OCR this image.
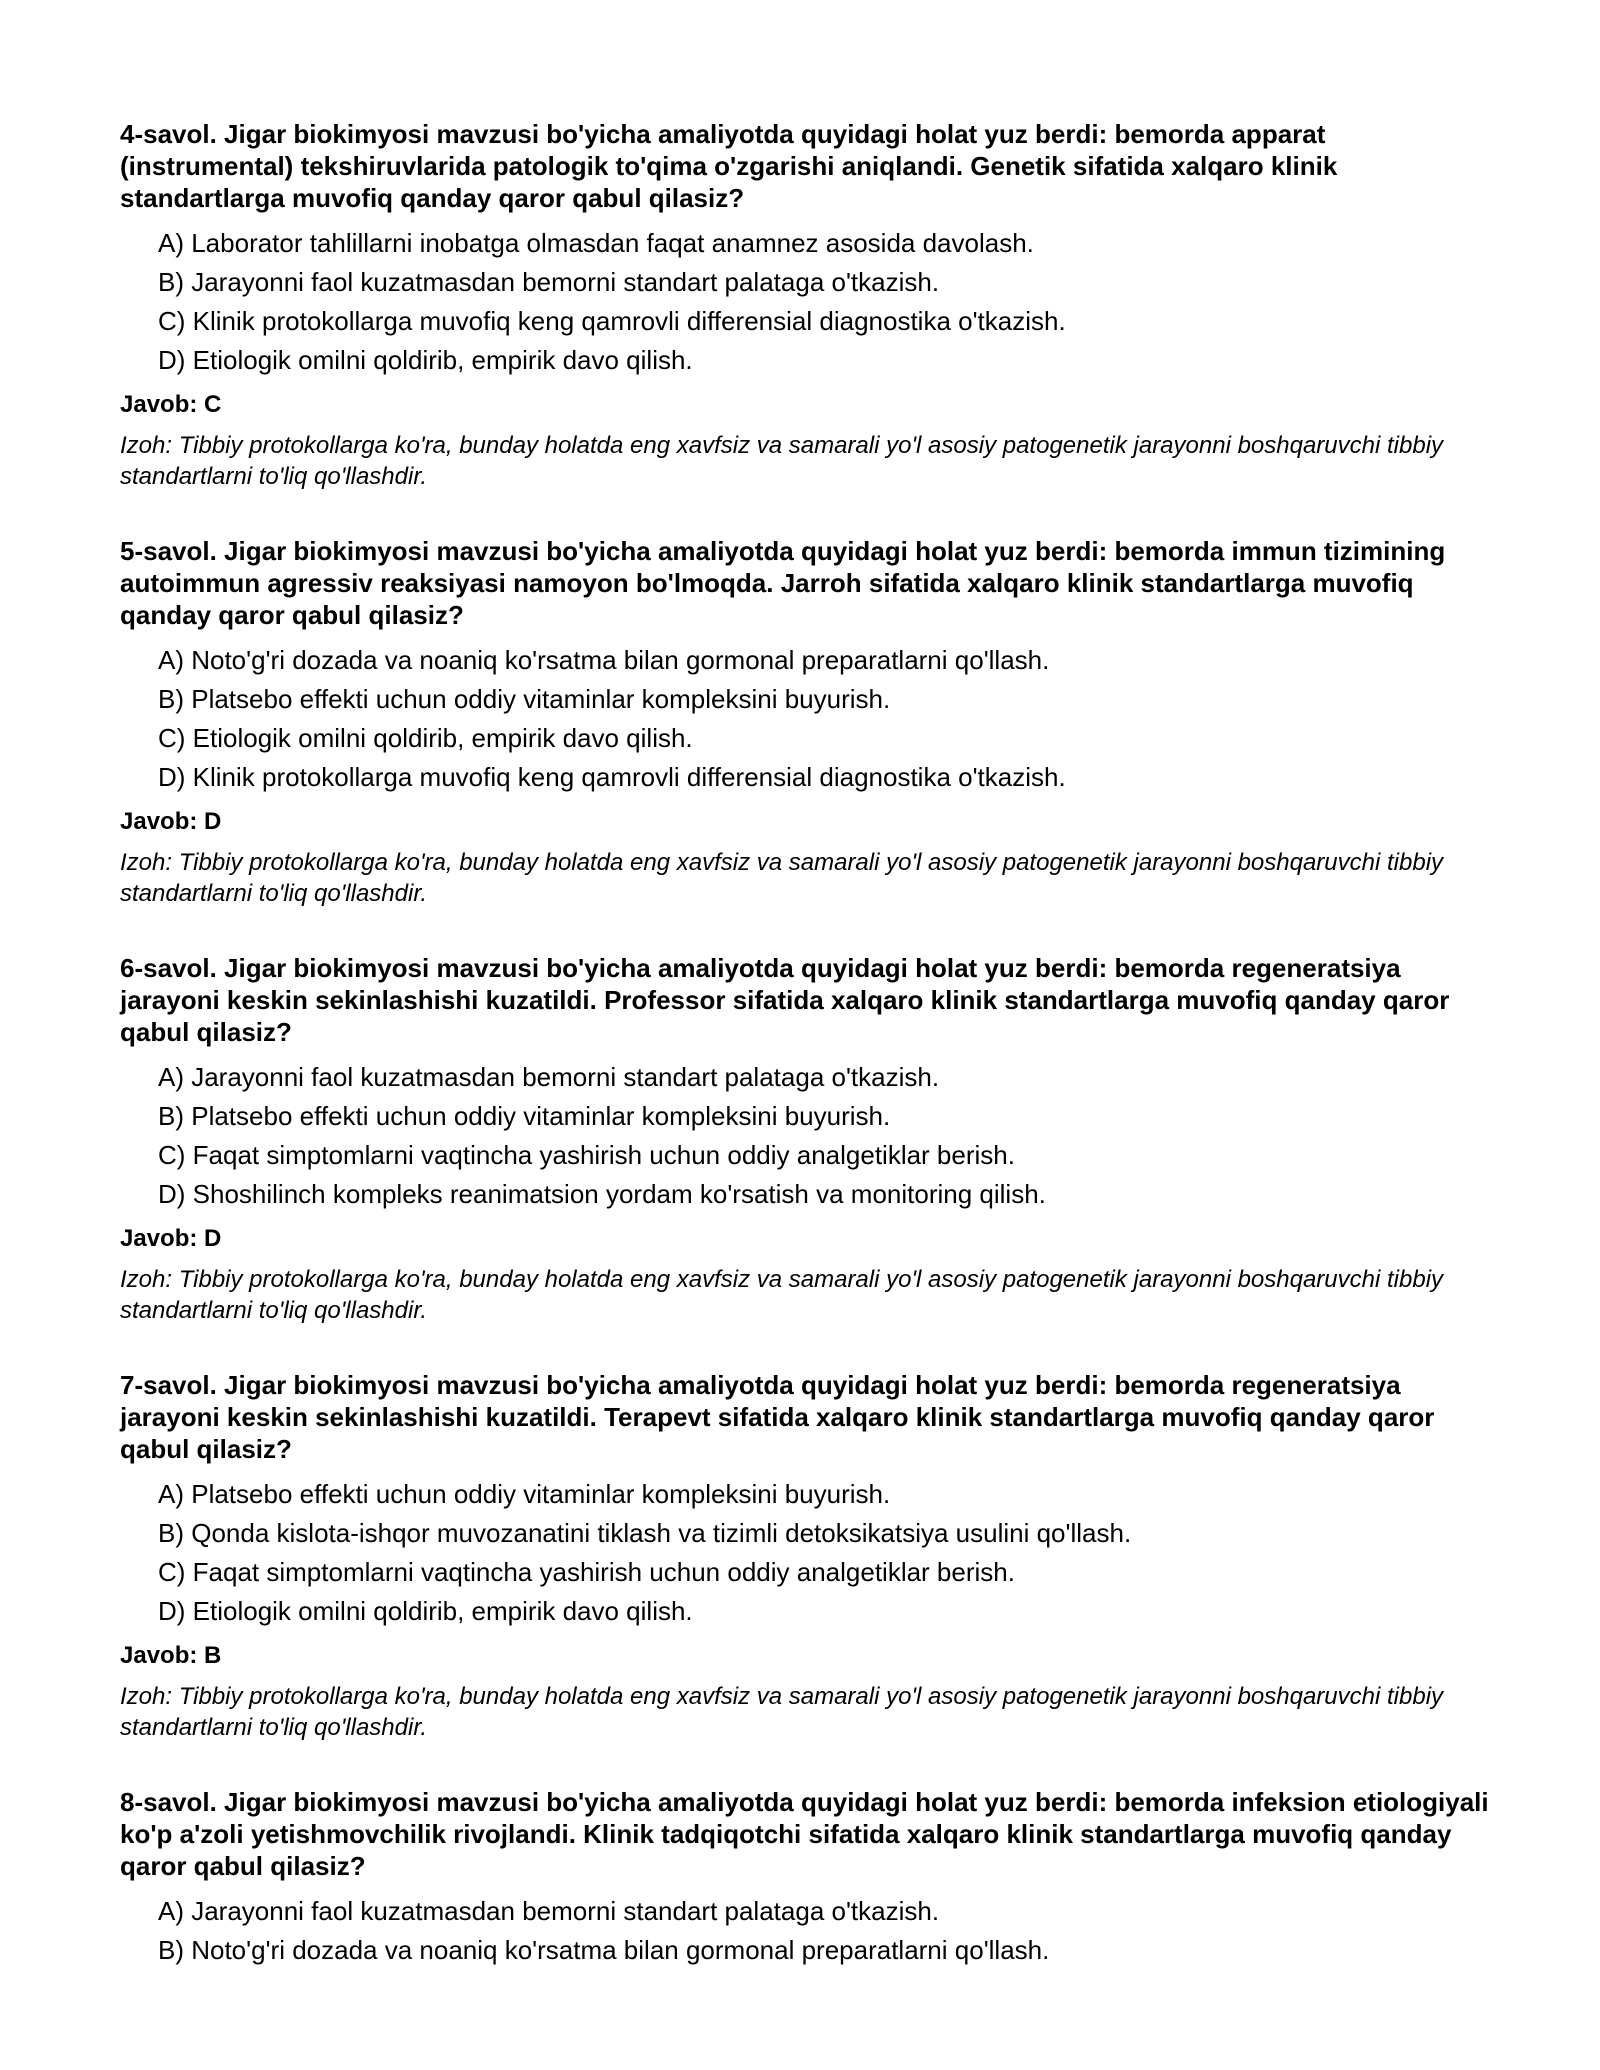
4-savol. Jigar biokimyosi mavzusi bo'yicha amaliyotda quyidagi holat yuz berdi: bemorda apparat (instrumental) tekshiruvlarida patologik to'qima o'zgarishi aniqlandi. Genetik sifatida xalqaro klinik standartlarga muvofiq qanday qaror qabul qilasiz?

A) Laborator tahlillarni inobatga olmasdan faqat anamnez asosida davolash.
B) Jarayonni faol kuzatmasdan bemorni standart palataga o'tkazish.
C) Klinik protokollarga muvofiq keng qamrovli differensial diagnostika o'tkazish.
D) Etiologik omilni qoldirib, empirik davo qilish.
Javob: C
Izoh: Tibbiy protokollarga ko'ra, bunday holatda eng xavfsiz va samarali yo'l asosiy patogenetik jarayonni boshqaruvchi tibbiy standartlarni to'liq qo'llashdir.

5-savol. Jigar biokimyosi mavzusi bo'yicha amaliyotda quyidagi holat yuz berdi: bemorda immun tizimining autoimmun agressiv reaksiyasi namoyon bo'lmoqda. Jarroh sifatida xalqaro klinik standartlarga muvofiq qanday qaror qabul qilasiz?

A) Noto'g'ri dozada va noaniq ko'rsatma bilan gormonal preparatlarni qo'llash.
B) Platsebo effekti uchun oddiy vitaminlar kompleksini buyurish.
C) Etiologik omilni qoldirib, empirik davo qilish.
D) Klinik protokollarga muvofiq keng qamrovli differensial diagnostika o'tkazish.
Javob: D
Izoh: Tibbiy protokollarga ko'ra, bunday holatda eng xavfsiz va samarali yo'l asosiy patogenetik jarayonni boshqaruvchi tibbiy standartlarni to'liq qo'llashdir.

6-savol. Jigar biokimyosi mavzusi bo'yicha amaliyotda quyidagi holat yuz berdi: bemorda regeneratsiya jarayoni keskin sekinlashishi kuzatildi. Professor sifatida xalqaro klinik standartlarga muvofiq qanday qaror qabul qilasiz?

A) Jarayonni faol kuzatmasdan bemorni standart palataga o'tkazish.
B) Platsebo effekti uchun oddiy vitaminlar kompleksini buyurish.
C) Faqat simptomlarni vaqtincha yashirish uchun oddiy analgetiklar berish.
D) Shoshilinch kompleks reanimatsion yordam ko'rsatish va monitoring qilish.
Javob: D
Izoh: Tibbiy protokollarga ko'ra, bunday holatda eng xavfsiz va samarali yo'l asosiy patogenetik jarayonni boshqaruvchi tibbiy standartlarni to'liq qo'llashdir.

7-savol. Jigar biokimyosi mavzusi bo'yicha amaliyotda quyidagi holat yuz berdi: bemorda regeneratsiya jarayoni keskin sekinlashishi kuzatildi. Terapevt sifatida xalqaro klinik standartlarga muvofiq qanday qaror qabul qilasiz?

A) Platsebo effekti uchun oddiy vitaminlar kompleksini buyurish.
B) Qonda kislota-ishqor muvozanatini tiklash va tizimli detoksikatsiya usulini qo'llash.
C) Faqat simptomlarni vaqtincha yashirish uchun oddiy analgetiklar berish.
D) Etiologik omilni qoldirib, empirik davo qilish.
Javob: B
Izoh: Tibbiy protokollarga ko'ra, bunday holatda eng xavfsiz va samarali yo'l asosiy patogenetik jarayonni boshqaruvchi tibbiy standartlarni to'liq qo'llashdir.

8-savol. Jigar biokimyosi mavzusi bo'yicha amaliyotda quyidagi holat yuz berdi: bemorda infeksion etiologiyali ko'p a'zoli yetishmovchilik rivojlandi. Klinik tadqiqotchi sifatida xalqaro klinik standartlarga muvofiq qanday qaror qabul qilasiz?

A) Jarayonni faol kuzatmasdan bemorni standart palataga o'tkazish.
B) Noto'g'ri dozada va noaniq ko'rsatma bilan gormonal preparatlarni qo'llash.
